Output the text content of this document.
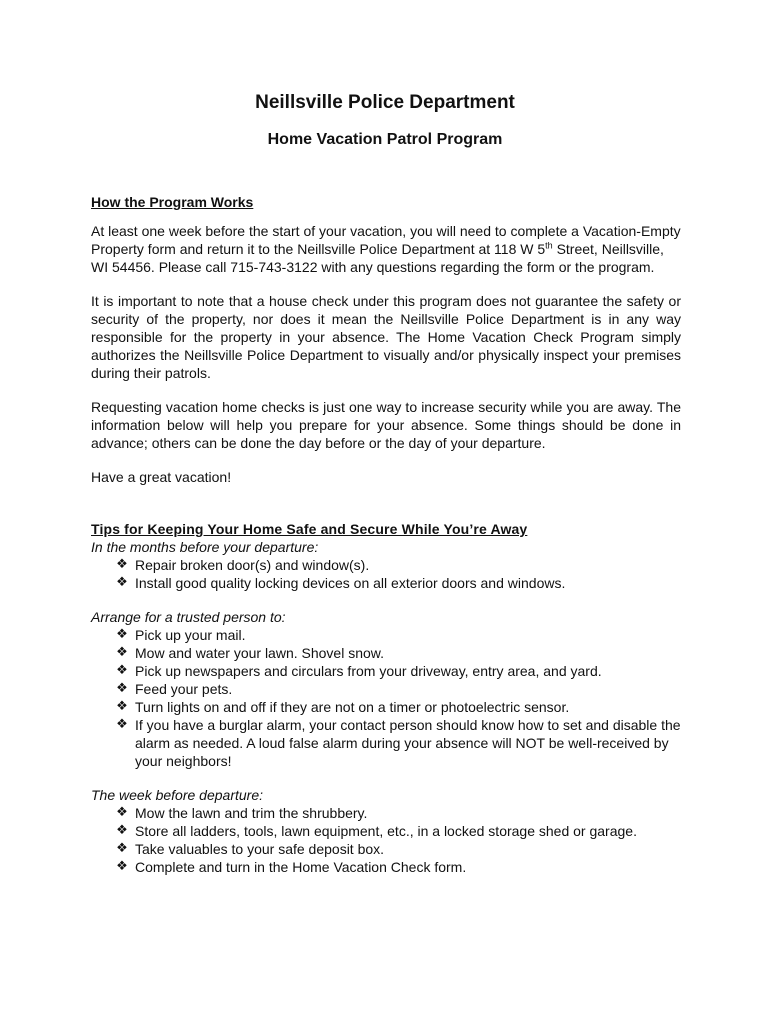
Neillsville Police Department
Home Vacation Patrol Program

How the Program Works

At least one week before the start of your vacation, you will need to complete a Vacation-Empty Property form and return it to the Neillsville Police Department at 118 W 5th Street, Neillsville, WI 54456. Please call 715-743-3122 with any questions regarding the form or the program.

It is important to note that a house check under this program does not guarantee the safety or security of the property, nor does it mean the Neillsville Police Department is in any way responsible for the property in your absence. The Home Vacation Check Program simply authorizes the Neillsville Police Department to visually and/or physically inspect your premises during their patrols.

Requesting vacation home checks is just one way to increase security while you are away. The information below will help you prepare for your absence. Some things should be done in advance; others can be done the day before or the day of your departure.

Have a great vacation!

Tips for Keeping Your Home Safe and Secure While You’re Away

In the months before your departure:

❖ Repair broken door(s) and window(s).
❖ Install good quality locking devices on all exterior doors and windows.

Arrange for a trusted person to:

❖ Pick up your mail.
❖ Mow and water your lawn. Shovel snow.
❖ Pick up newspapers and circulars from your driveway, entry area, and yard.
❖ Feed your pets.
❖ Turn lights on and off if they are not on a timer or photoelectric sensor.
❖ If you have a burglar alarm, your contact person should know how to set and disable the alarm as needed. A loud false alarm during your absence will NOT be well-received by your neighbors!

The week before departure:

❖ Mow the lawn and trim the shrubbery.
❖ Store all ladders, tools, lawn equipment, etc., in a locked storage shed or garage.
❖ Take valuables to your safe deposit box.
❖ Complete and turn in the Home Vacation Check form.
